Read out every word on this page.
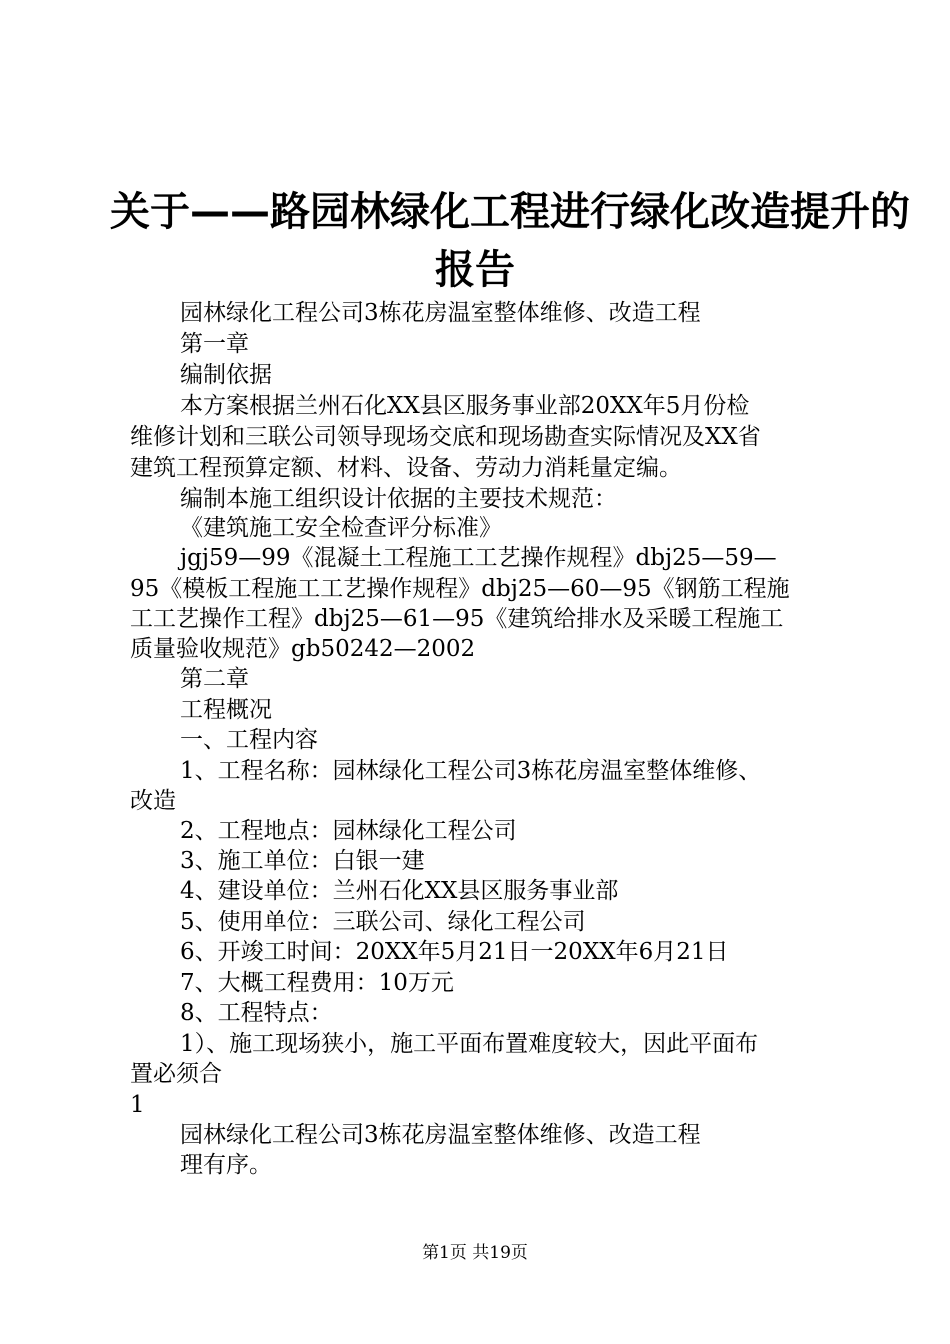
关于——路园林绿化工程进行绿化改造提升的
报告
园林绿化工程公司3栋花房温室整体维修、改造工程
第一章
编制依据
本方案根据兰州石化XX县区服务事业部20XX年5月份检
维修计划和三联公司领导现场交底和现场勘查实际情况及XX省
建筑工程预算定额、材料、设备、劳动力消耗量定编。
编制本施工组织设计依据的主要技术规范：
《建筑施工安全检查评分标准》
jgj59—99《混凝土工程施工工艺操作规程》dbj25—59—
95《模板工程施工工艺操作规程》dbj25—60—95《钢筋工程施
工工艺操作工程》dbj25—61—95《建筑给排水及采暖工程施工
质量验收规范》gb50242—2002
第二章
工程概况
一、工程内容
1、工程名称：园林绿化工程公司3栋花房温室整体维修、
改造
2、工程地点：园林绿化工程公司
3、施工单位：白银一建
4、建设单位：兰州石化XX县区服务事业部
5、使用单位：三联公司、绿化工程公司
6、开竣工时间：20XX年5月21日一20XX年6月21日
7、大概工程费用：10万元
8、工程特点：
1）、施工现场狭小，施工平面布置难度较大，因此平面布
置必须合
1
园林绿化工程公司3栋花房温室整体维修、改造工程
理有序。
第1页 共19页
